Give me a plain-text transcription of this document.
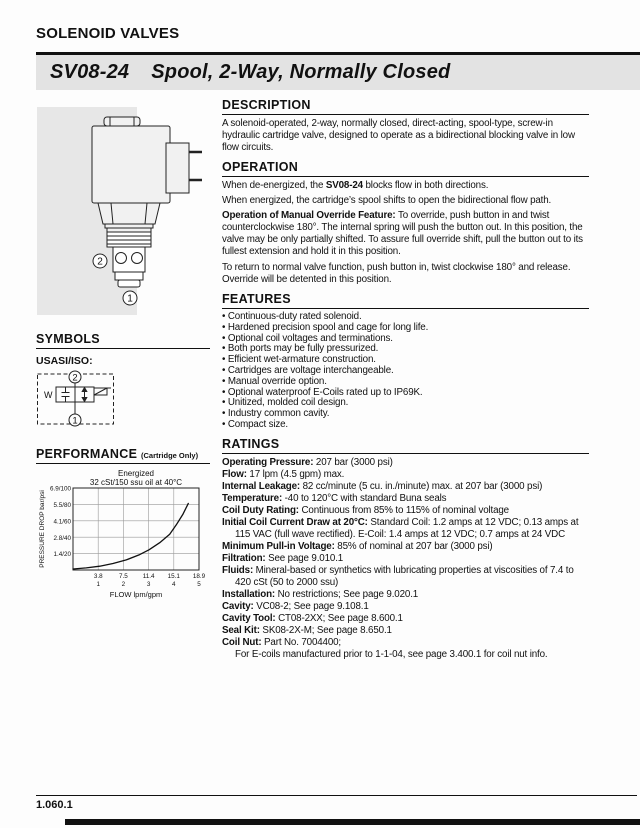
SOLENOID VALVES
SV08-24 Spool, 2-Way, Normally Closed
2
1
SYMBOLS
USASI/ISO:
W
2
1
PERFORMANCE (Cartridge Only)
Energized
32 cSt/150 ssu oil at 40°C
6.9/100
5.5/80
4.1/60
2.8/40
1.4/20
3.8	7.5 11.4 15.1 18.9
1	2	3	4	5
FLOW lpm/gpm
PRESSURE DROP bar/psi
DESCRIPTION

A solenoid-operated, 2-way, normally closed, direct-acting, spool-type, screw-in hydraulic cartridge valve, designed to operate as a bidirectional blocking valve in low flow circuits.

OPERATION

When de-energized, the SV08-24 blocks flow in both directions.

When energized, the cartridge’s spool shifts to open the bidirectional flow path.

Operation of Manual Override Feature: To override, push button in and twist counterclockwise 180°. The internal spring will push the button out. In this position, the valve may be only partially shifted. To assure full override shift, pull the button out to its fullest extension and hold it in this position.

To return to normal valve function, push button in, twist clockwise 180° and release. Override will be detented in this position.

FEATURES
• Continuous-duty rated solenoid.
• Hardened precision spool and cage for long life.
• Optional coil voltages and terminations.
• Both ports may be fully pressurized.
• Efficient wet-armature construction.
• Cartridges are voltage interchangeable.
• Manual override option.
• Optional waterproof E-Coils rated up to IP69K.
• Unitized, molded coil design.
• Industry common cavity.
• Compact size.
RATINGS

Operating Pressure: 207 bar (3000 psi)

Flow: 17 lpm (4.5 gpm) max.

Internal Leakage: 82 cc/minute (5 cu. in./minute) max. at 207 bar (3000 psi)

Temperature: -40 to 120°C with standard Buna seals

Coil Duty Rating: Continuous from 85% to 115% of nominal voltage

Initial Coil Current Draw at 20°C: Standard Coil: 1.2 amps at 12 VDC; 0.13 amps at 115 VAC (full wave rectified). E-Coil: 1.4 amps at 12 VDC; 0.7 amps at 24 VDC

Minimum Pull-in Voltage: 85% of nominal at 207 bar (3000 psi)

Filtration: See page 9.010.1

Fluids: Mineral-based or synthetics with lubricating properties at viscosities of 7.4 to 420 cSt (50 to 2000 ssu)

Installation: No restrictions; See page 9.020.1

Cavity: VC08-2; See page 9.108.1

Cavity Tool: CT08-2XX; See page 8.600.1

Seal Kit: SK08-2X-M; See page 8.650.1

Coil Nut: Part No. 7004400;
For E-coils manufactured prior to 1-1-04, see page 3.400.1 for coil nut info.

1.060.1
